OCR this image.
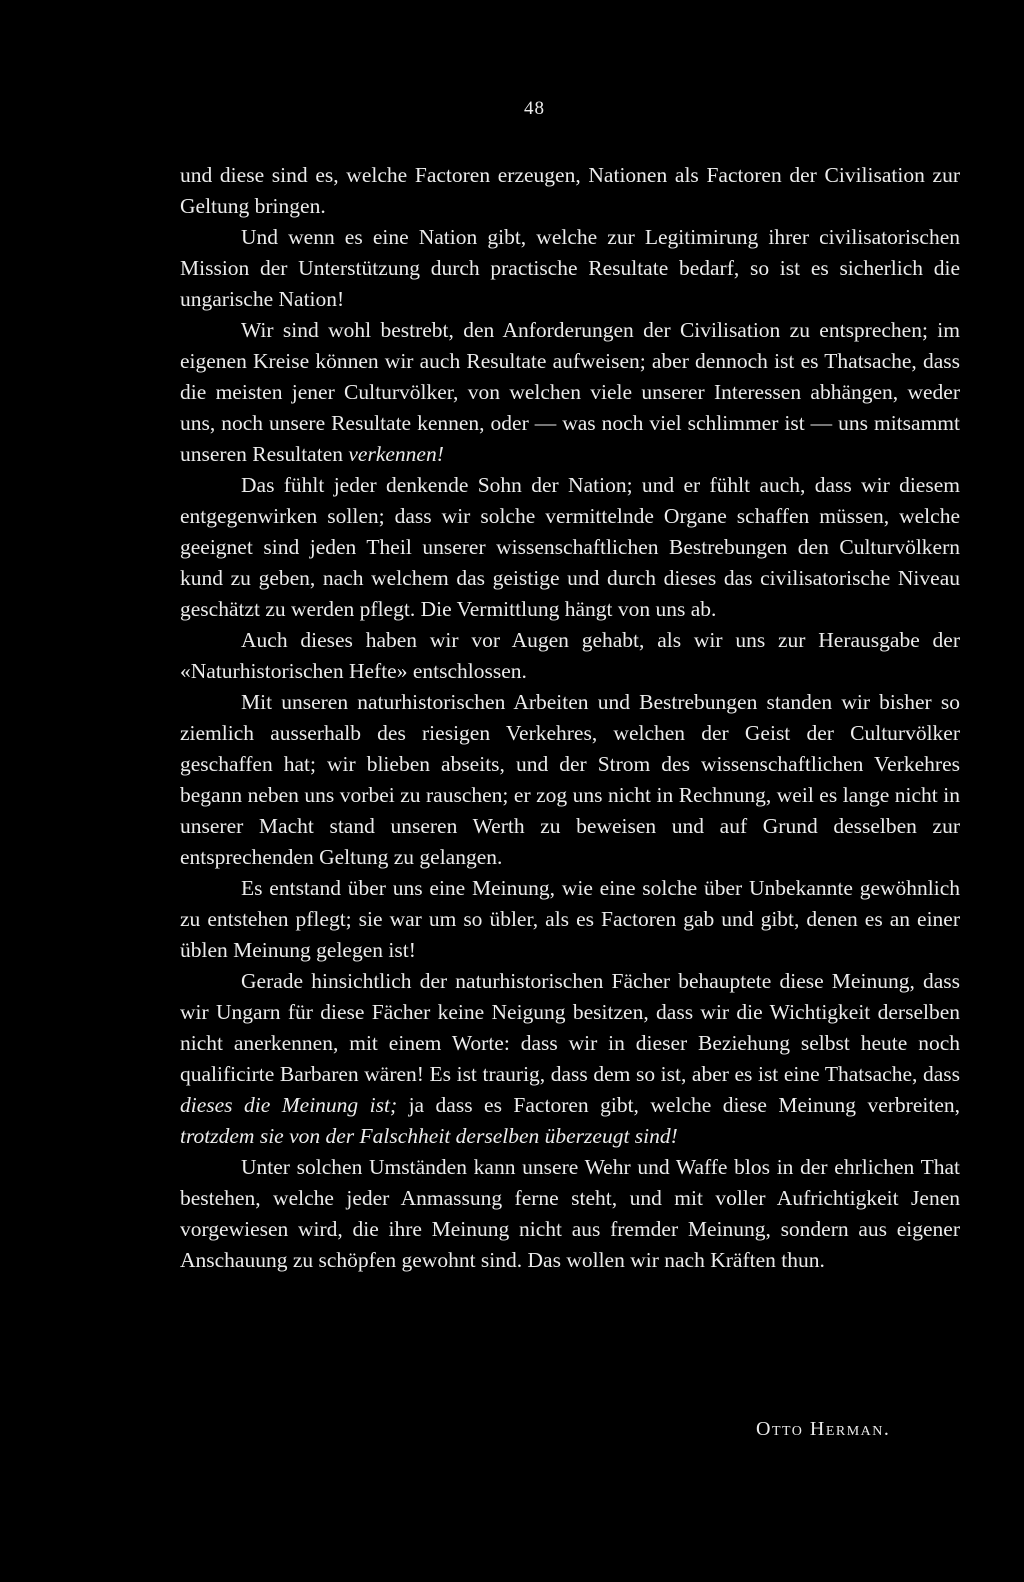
48

und diese sind es, welche Factoren erzeugen, Nationen als Factoren der Civilisation zur Geltung bringen.

Und wenn es eine Nation gibt, welche zur Legitimirung ihrer civilisatorischen Mission der Unterstützung durch practische Resultate bedarf, so ist es sicherlich die ungarische Nation!

Wir sind wohl bestrebt, den Anforderungen der Civilisation zu entsprechen; im eigenen Kreise können wir auch Resultate aufweisen; aber dennoch ist es Thatsache, dass die meisten jener Culturvölker, von welchen viele unserer Interessen abhängen, weder uns, noch unsere Resultate kennen, oder — was noch viel schlimmer ist — uns mitsammt unseren Resultaten verkennen!

Das fühlt jeder denkende Sohn der Nation; und er fühlt auch, dass wir diesem entgegenwirken sollen; dass wir solche vermittelnde Organe schaffen müssen, welche geeignet sind jeden Theil unserer wissenschaftlichen Bestrebungen den Culturvölkern kund zu geben, nach welchem das geistige und durch dieses das civilisatorische Niveau geschätzt zu werden pflegt. Die Vermittlung hängt von uns ab.

Auch dieses haben wir vor Augen gehabt, als wir uns zur Herausgabe der «Naturhistorischen Hefte» entschlossen.

Mit unseren naturhistorischen Arbeiten und Bestrebungen standen wir bisher so ziemlich ausserhalb des riesigen Verkehres, welchen der Geist der Culturvölker geschaffen hat; wir blieben abseits, und der Strom des wissenschaftlichen Verkehres begann neben uns vorbei zu rauschen; er zog uns nicht in Rechnung, weil es lange nicht in unserer Macht stand unseren Werth zu beweisen und auf Grund desselben zur entsprechenden Geltung zu gelangen.

Es entstand über uns eine Meinung, wie eine solche über Unbekannte gewöhnlich zu entstehen pflegt; sie war um so übler, als es Factoren gab und gibt, denen es an einer üblen Meinung gelegen ist!

Gerade hinsichtlich der naturhistorischen Fächer behauptete diese Meinung, dass wir Ungarn für diese Fächer keine Neigung besitzen, dass wir die Wichtigkeit derselben nicht anerkennen, mit einem Worte: dass wir in dieser Beziehung selbst heute noch qualificirte Barbaren wären! Es ist traurig, dass dem so ist, aber es ist eine Thatsache, dass dieses die Meinung ist; ja dass es Factoren gibt, welche diese Meinung verbreiten, trotzdem sie von der Falschheit derselben überzeugt sind!

Unter solchen Umständen kann unsere Wehr und Waffe blos in der ehrlichen That bestehen, welche jeder Anmassung ferne steht, und mit voller Aufrichtigkeit Jenen vorgewiesen wird, die ihre Meinung nicht aus fremder Meinung, sondern aus eigener Anschauung zu schöpfen gewohnt sind. Das wollen wir nach Kräften thun.

Otto Herman.
